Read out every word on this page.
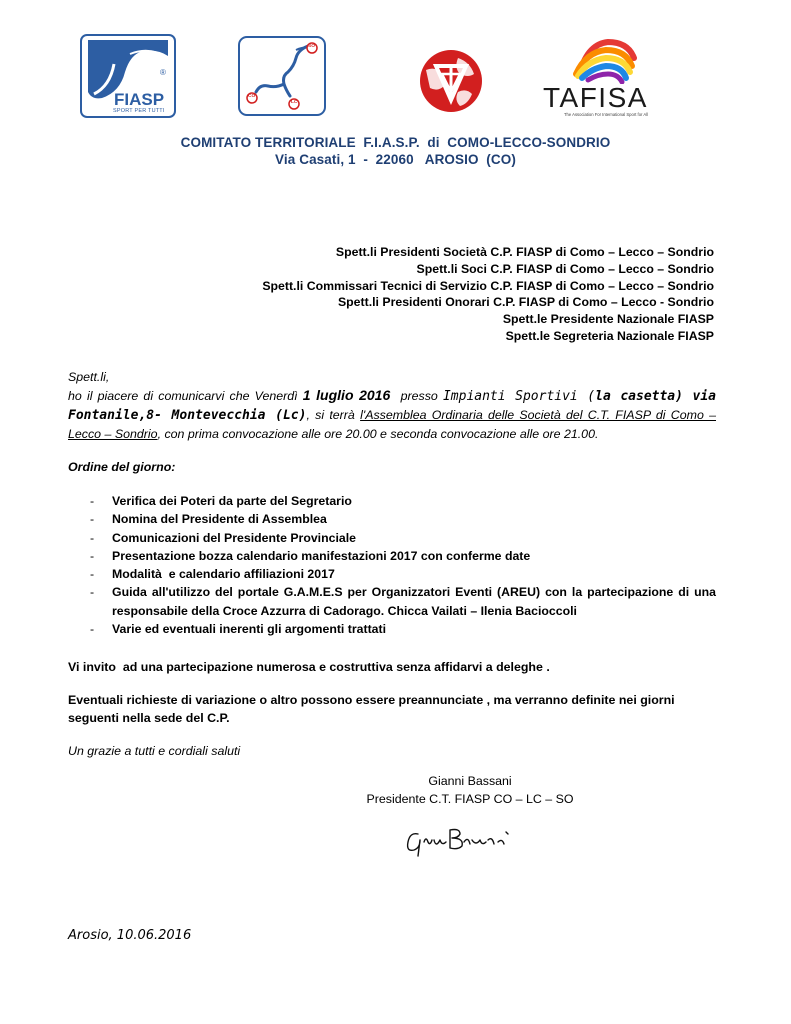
®
FIASP
SPORT PER TUTTI
SO
CO
LC	TAFISA
The Association For International Sport for All
COMITATO TERRITORIALE  F.I.A.S.P.  di  COMO-LECCO-SONDRIO
Via Casati, 1  -  22060   AROSIO  (CO)
Spett.li Presidenti Società C.P. FIASP di Como – Lecco – Sondrio
Spett.li Soci C.P. FIASP di Como – Lecco – Sondrio
Spett.li Commissari Tecnici di Servizio C.P. FIASP di Como – Lecco – Sondrio
Spett.li Presidenti Onorari C.P. FIASP di Como – Lecco - Sondrio
Spett.le Presidente Nazionale FIASP
Spett.le Segreteria Nazionale FIASP
Spett.li,
ho il piacere di comunicarvi che Venerdì 1 luglio 2016  presso Impianti Sportivi (la casetta) via Fontanile,8- Montevecchia (Lc), si terrà l'Assemblea Ordinaria delle Società del C.T. FIASP di Como – Lecco – Sondrio, con prima convocazione alle ore 20.00 e seconda convocazione alle ore 21.00.
Ordine del giorno:
- Verifica dei Poteri da parte del Segretario
- Nomina del Presidente di Assemblea
- Comunicazioni del Presidente Provinciale
- Presentazione bozza calendario manifestazioni 2017 con conferme date
- Modalità  e calendario affiliazioni 2017
- Guida all'utilizzo del portale G.A.M.E.S per Organizzatori Eventi (AREU) con la partecipazione di una responsabile della Croce Azzurra di Cadorago. Chicca Vailati – Ilenia Bacioccoli
- Varie ed eventuali inerenti gli argomenti trattati
Vi invito  ad una partecipazione numerosa e costruttiva senza affidarvi a deleghe .
Eventuali richieste di variazione o altro possono essere preannunciate , ma verranno definite nei giorni seguenti nella sede del C.P.
Un grazie a tutti e cordiali saluti
Gianni Bassani
Presidente C.T. FIASP CO – LC – SO
Arosio, 10.06.2016
